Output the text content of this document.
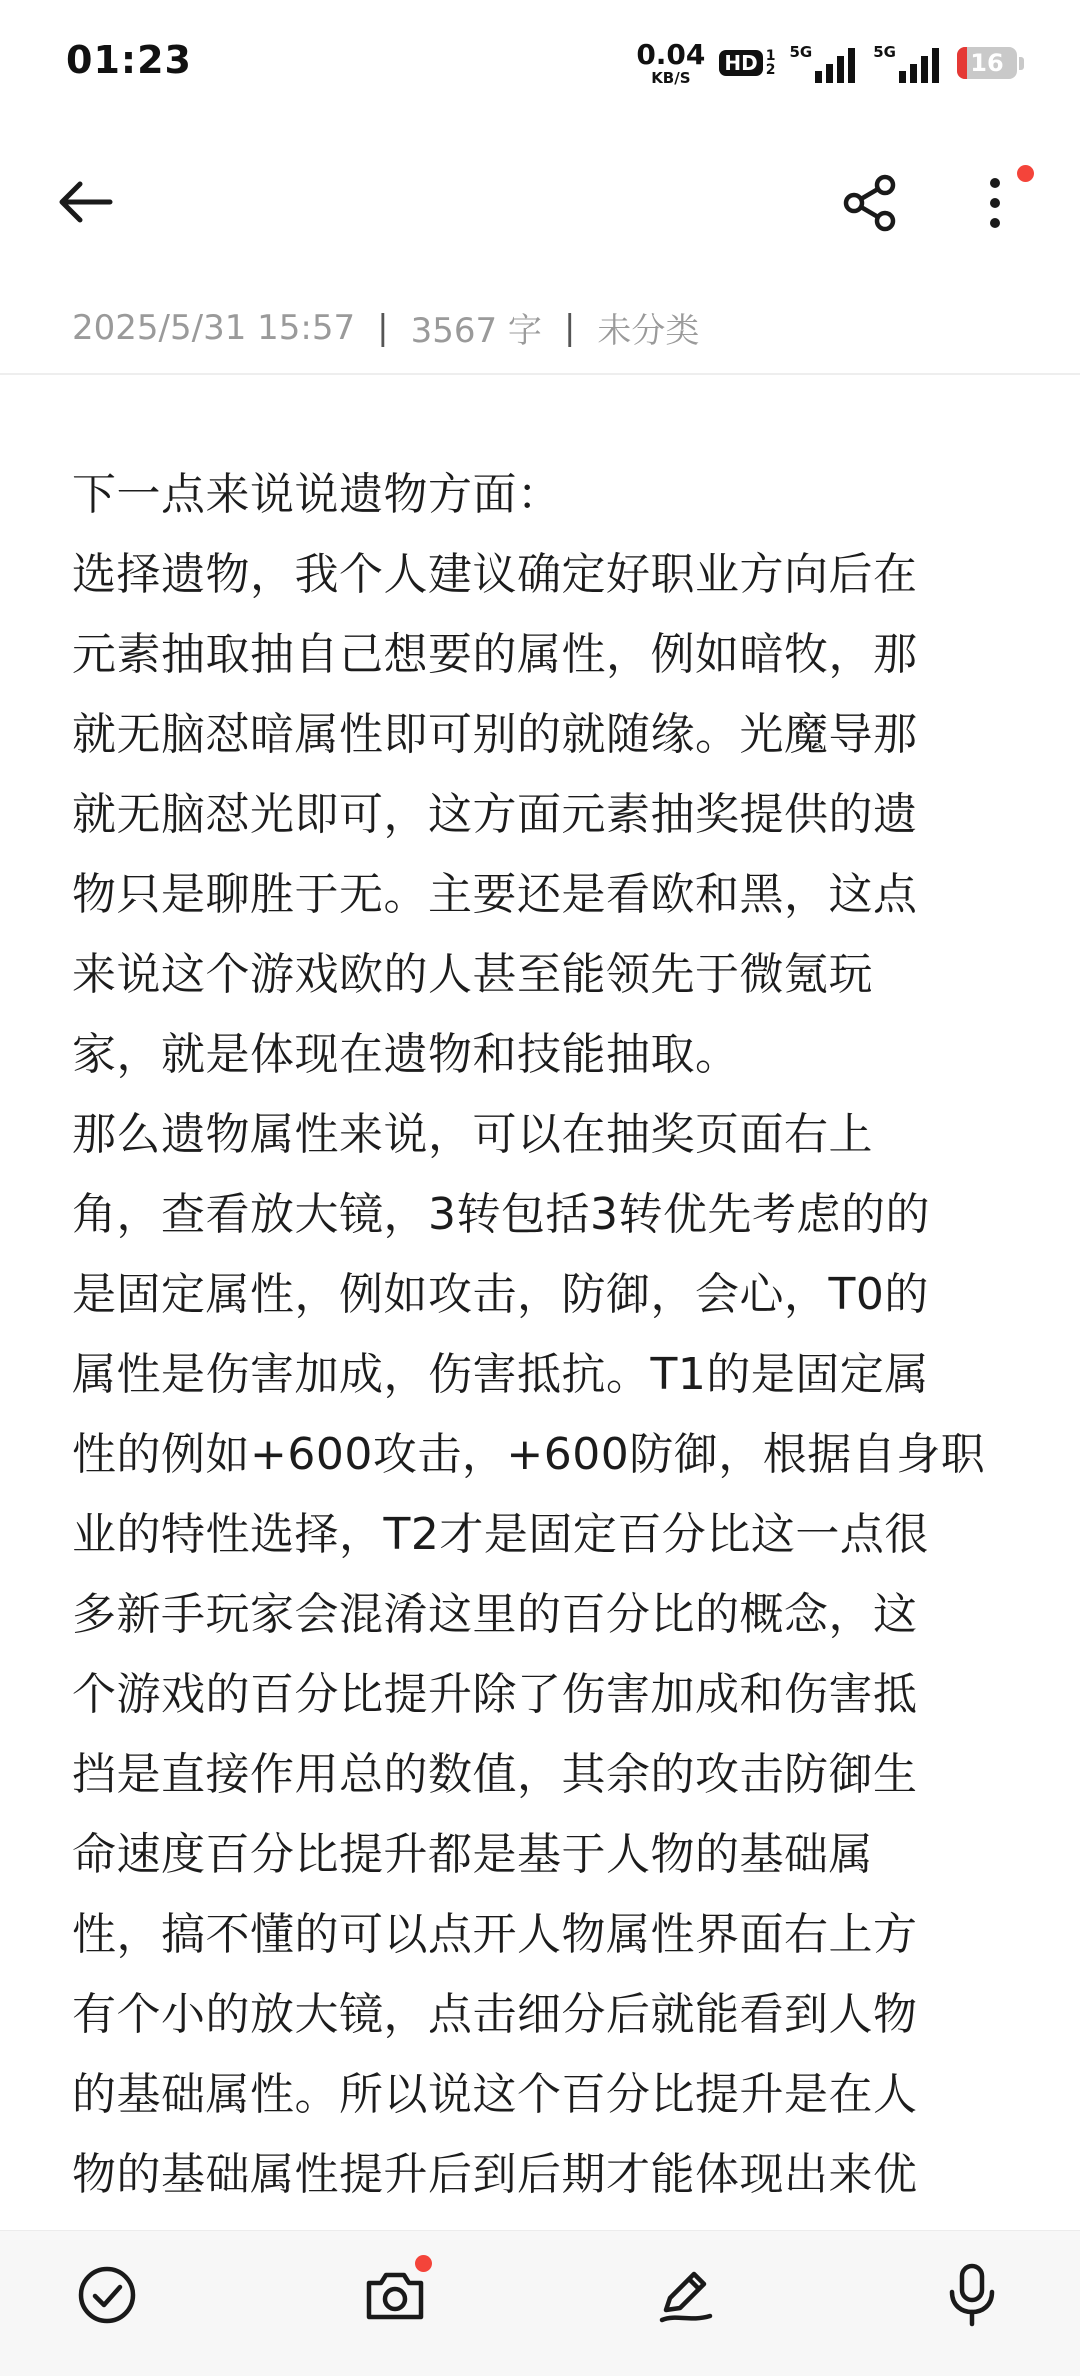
01:23	0.04
KB/S
HD 1
2
5G	5G	16
2025/5/31 15:57 | 3567 字 | 未分类
下一点来说说遗物方面：
选择遗物，我个人建议确定好职业方向后在
元素抽取抽自己想要的属性，例如暗牧，那
就无脑怼暗属性即可别的就随缘。光魔导那
就无脑怼光即可，这方面元素抽奖提供的遗
物只是聊胜于无。主要还是看欧和黑，这点
来说这个游戏欧的人甚至能领先于微氪玩
家，就是体现在遗物和技能抽取。
那么遗物属性来说，可以在抽奖页面右上
角，查看放大镜，3转包括3转优先考虑的的
是固定属性，例如攻击，防御，会心，T0的
属性是伤害加成，伤害抵抗。T1的是固定属
性的例如+600攻击，+600防御，根据自身职
业的特性选择，T2才是固定百分比这一点很
多新手玩家会混淆这里的百分比的概念，这
个游戏的百分比提升除了伤害加成和伤害抵
挡是直接作用总的数值，其余的攻击防御生
命速度百分比提升都是基于人物的基础属
性，搞不懂的可以点开人物属性界面右上方
有个小的放大镜，点击细分后就能看到人物
的基础属性。所以说这个百分比提升是在人
物的基础属性提升后到后期才能体现出来优
